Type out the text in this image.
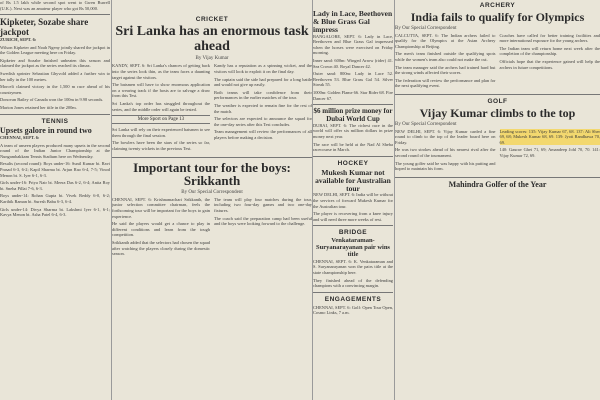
of Rs 1.5 lakh while second spot went to Gwen Burrell (U.K.). Next was an amateur player who got Rs 50,000.

Kipketer, Sozabe share jackpot

ZURICH, SEPT. 6:

Wilson Kipketer and Noah Ngeny jointly shared the jackpot in the Golden League meeting here on Friday.

Kipketer and Sozabe finished unbeaten this season and claimed the jackpot as the series reached its climax.

Swedish sprinter Sebastian Ghyvold added a further win to her tally in the 100 metres.

Morceli claimed victory in the 1,500 m race ahead of his countrymen.

Donovan Bailey of Canada won the 100m in 9.98 seconds.

Marion Jones retained her title in the 200m.

TENNIS
Upsets galore in round two

CHENNAI, SEPT. 6:

A team of unseen players produced many upsets in the second round of the Indian Junior Championship at the Nungambakkam Tennis Stadium here on Wednesday.

Results (second round): Boys under-16: Sunil Kumar bt. Ravi Prasad 6-3, 6-2; Kapil Sharma bt. Arjun Rao 6-4, 7-5; Vinod Menon bt. S. Iyer 6-1, 6-3.

Girls under-16: Priya Nair bt. Meera Das 6-2, 6-4; Anita Roy bt. Sneha Pillai 7-6, 6-3.

Boys under-14: Rohan Gupta bt. Vivek Reddy 6-0, 6-2; Karthik Raman bt. Suresh Babu 6-3, 6-4.

Girls under-14: Divya Sharma bt. Lakshmi Iyer 6-1, 6-1; Kavya Menon bt. Asha Patel 6-4, 6-3.

CRICKET
Sri Lanka has an enormous task ahead

By Vijay Kumar

KANDY, SEPT. 6: Sri Lanka's chances of getting back into the series look thin, as the team faces a daunting target against the visitors.

The batsmen will have to show enormous application on a wearing track if the hosts are to salvage a draw from this Test.

Sri Lanka's top order has struggled throughout the series, and the middle order will again be tested.

More Sport on Page 13

Sri Lanka will rely on their experienced batsmen to see them through the final session.

The bowlers have been the stars of the series so far, claiming twenty wickets in the previous Test.

Kandy has a reputation as a spinning wicket, and the visitors will look to exploit it on the final day.

The captain said the side had prepared for a long battle and would not give up easily.

Both teams will take confidence from their performances in the earlier matches of the tour.

The weather is expected to remain fine for the rest of the match.

The selectors are expected to announce the squad for the one-day series after this Test concludes.

Team management will review the performances of all players before making a decision.

Important tour for the boys: Srikkanth

By Our Special Correspondent

CHENNAI, SEPT. 6: Krishnamachari Srikkanth, the junior selection committee chairman, feels the forthcoming tour will be important for the boys to gain experience.

He said the players would get a chance to play in different conditions and learn from the tough competition.

Srikkanth added that the selectors had chosen the squad after watching the players closely during the domestic season.

The team will play four matches during the tour, including two four-day games and two one-day fixtures.

The coach said the preparation camp had been useful and the boys were looking forward to the challenge.

Lady in Lace, Beethoven & Blue Grass Gal impress

BANGALORE, SEPT. 6: Lady in Lace, Beethoven and Blue Grass Gal impressed when the horses were exercised on Friday morning.

Inner sand: 600m: Winged Arrow (rider) 41. Sea Crown 40. Royal Dancer 42.

Outer sand: 800m: Lady in Lace 52. Beethoven 53. Blue Grass Gal 54. Silver Streak 55.

1000m: Golden Flame 66. Star Rider 68. Fire Dancer 67.

$6 million prize money for Dubai World Cup

DUBAI, SEPT. 6: The richest race in the world will offer six million dollars in prize money next year.

The race will be held at the Nad Al Sheba racecourse in March.

HOCKEY
Mukesh Kumar not available for Australian tour

NEW DELHI, SEPT. 6: India will be without the services of forward Mukesh Kumar for the Australian tour.

The player is recovering from a knee injury and will need three more weeks of rest.

BRIDGE
Venkataraman-Suryanarayanan pair wins title

CHENNAI, SEPT. 6: K. Venkataraman and S. Suryanarayanan won the pairs title at the state championship here.

They finished ahead of the defending champions with a convincing margin.

ENGAGEMENTS

CHENNAI, SEPT. 6: Golf: Open Tour Open, Cosmo Links, 7 a.m.

ARCHERY
India fails to qualify for Olympics

By Our Special Correspondent

CALCUTTA, SEPT. 6: The Indian archers failed to qualify for the Olympics at the Asian Archery Championship at Beijing.

The men's team finished outside the qualifying spots while the women's team also could not make the cut.

The team manager said the archers had trained hard but the strong winds affected their scores.

The federation will review the performance and plan for the next qualifying event.

Coaches have called for better training facilities and more international exposure for the young archers.

The Indian team will return home next week after the completion of the championship.

Officials hope that the experience gained will help the archers in future competitions.

GOLF
Vijay Kumar climbs to the top

By Our Special Correspondent

NEW DELHI, SEPT. 6: Vijay Kumar carded a fine round to climb to the top of the leader board here on Friday.

He was two strokes ahead of his nearest rival after the second round of the tournament.

The young golfer said he was happy with his putting and hoped to maintain his form.

Leading scores: 135: Vijay Kumar 67, 68. 137: Ali Sher 69, 68; Mukesh Kumar 68, 69. 139: Jyoti Randhawa 70, 69.

140: Gaurav Ghei 71, 69; Amandeep Johl 70, 70. 141: Vijay Kumar 72, 69.

Mahindra Golfer of the Year
